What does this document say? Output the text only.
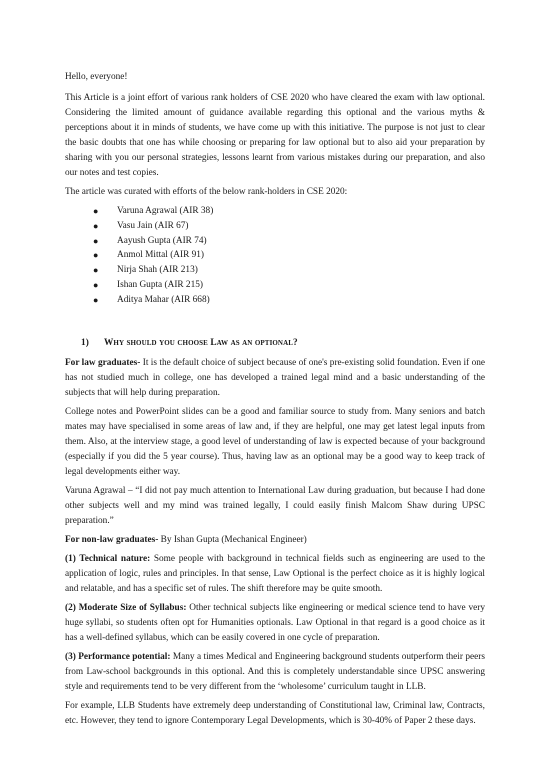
Hello, everyone!

This Article is a joint effort of various rank holders of CSE 2020 who have cleared the exam with law optional. Considering the limited amount of guidance available regarding this optional and the various myths & perceptions about it in minds of students, we have come up with this initiative. The purpose is not just to clear the basic doubts that one has while choosing or preparing for law optional but to also aid your preparation by sharing with you our personal strategies, lessons learnt from various mistakes during our preparation, and also our notes and test copies.

The article was curated with efforts of the below rank-holders in CSE 2020:

● Varuna Agrawal (AIR 38)
● Vasu Jain (AIR 67)
● Aayush Gupta (AIR 74)
● Anmol Mittal (AIR 91)
● Nirja Shah (AIR 213)
● Ishan Gupta (AIR 215)
● Aditya Mahar (AIR 668)
1) Why should you choose Law as an optional?

For law graduates- It is the default choice of subject because of one's pre-existing solid foundation. Even if one has not studied much in college, one has developed a trained legal mind and a basic understanding of the subjects that will help during preparation.

College notes and PowerPoint slides can be a good and familiar source to study from. Many seniors and batch mates may have specialised in some areas of law and, if they are helpful, one may get latest legal inputs from them. Also, at the interview stage, a good level of understanding of law is expected because of your background (especially if you did the 5 year course). Thus, having law as an optional may be a good way to keep track of legal developments either way.

Varuna Agrawal – “I did not pay much attention to International Law during graduation, but because I had done other subjects well and my mind was trained legally, I could easily finish Malcom Shaw during UPSC preparation.”

For non-law graduates- By Ishan Gupta (Mechanical Engineer)

(1) Technical nature: Some people with background in technical fields such as engineering are used to the application of logic, rules and principles. In that sense, Law Optional is the perfect choice as it is highly logical and relatable, and has a specific set of rules. The shift therefore may be quite smooth.

(2) Moderate Size of Syllabus: Other technical subjects like engineering or medical science tend to have very huge syllabi, so students often opt for Humanities optionals. Law Optional in that regard is a good choice as it has a well-defined syllabus, which can be easily covered in one cycle of preparation.

(3) Performance potential: Many a times Medical and Engineering background students outperform their peers from Law-school backgrounds in this optional. And this is completely understandable since UPSC answering style and requirements tend to be very different from the ‘wholesome’ curriculum taught in LLB.

For example, LLB Students have extremely deep understanding of Constitutional law, Criminal law, Contracts, etc. However, they tend to ignore Contemporary Legal Developments, which is 30-40% of Paper 2 these days.
